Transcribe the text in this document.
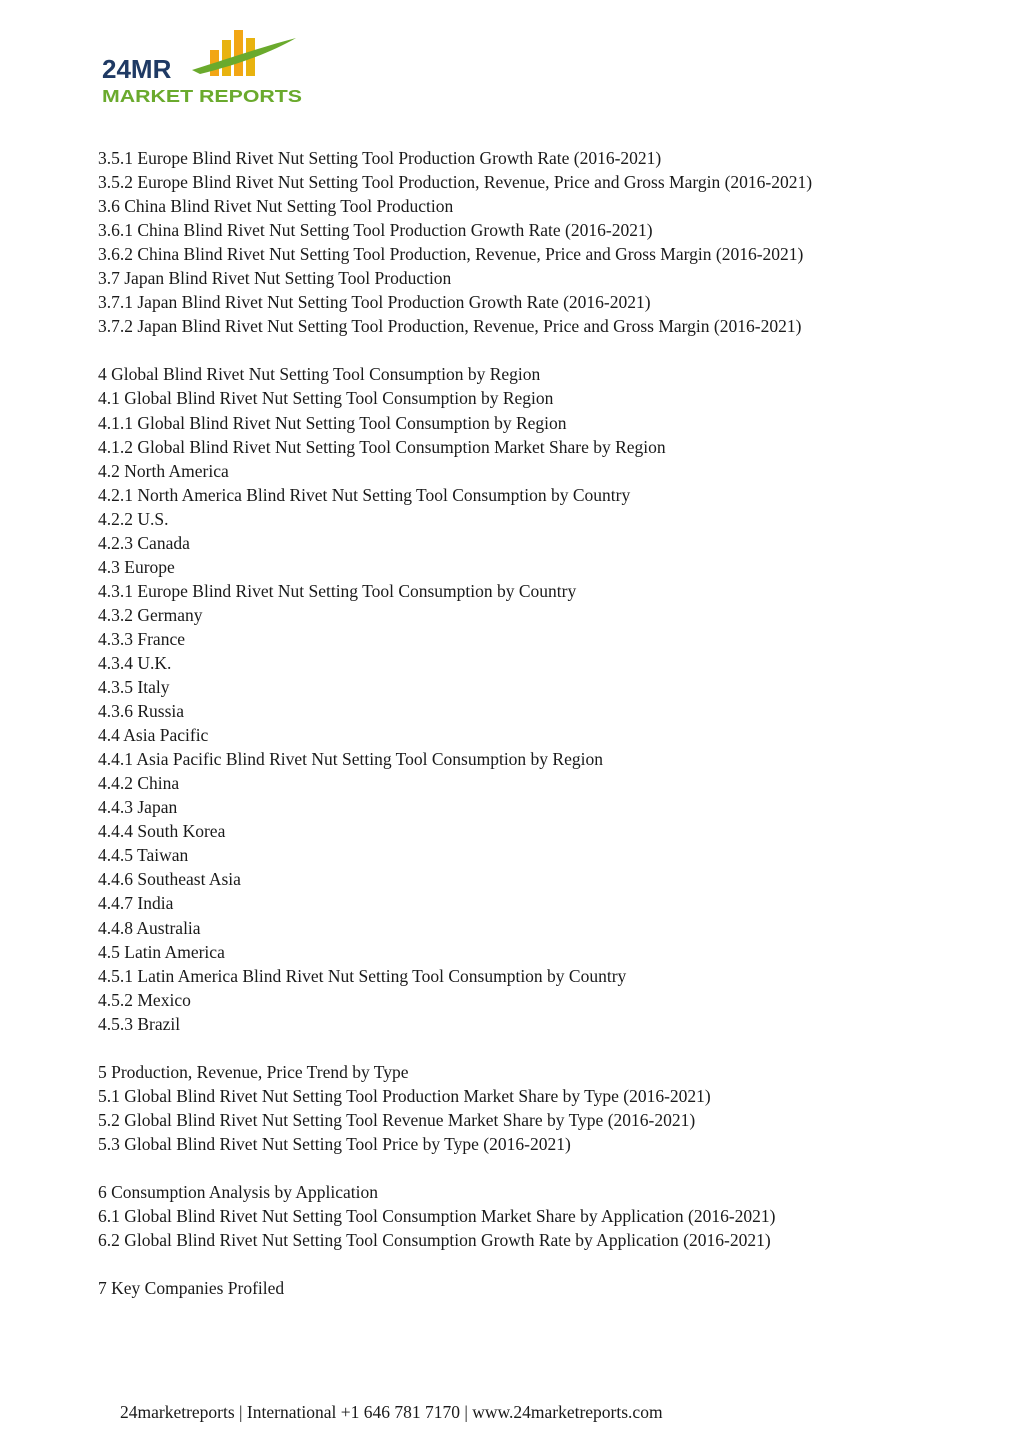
24MR
MARKET REPORTS
3.5.1 Europe Blind Rivet Nut Setting Tool Production Growth Rate (2016-2021)
3.5.2 Europe Blind Rivet Nut Setting Tool Production, Revenue, Price and Gross Margin (2016-2021)
3.6 China Blind Rivet Nut Setting Tool Production
3.6.1 China Blind Rivet Nut Setting Tool Production Growth Rate (2016-2021)
3.6.2 China Blind Rivet Nut Setting Tool Production, Revenue, Price and Gross Margin (2016-2021)
3.7 Japan Blind Rivet Nut Setting Tool Production
3.7.1 Japan Blind Rivet Nut Setting Tool Production Growth Rate (2016-2021)
3.7.2 Japan Blind Rivet Nut Setting Tool Production, Revenue, Price and Gross Margin (2016-2021)
4 Global Blind Rivet Nut Setting Tool Consumption by Region
4.1 Global Blind Rivet Nut Setting Tool Consumption by Region
4.1.1 Global Blind Rivet Nut Setting Tool Consumption by Region
4.1.2 Global Blind Rivet Nut Setting Tool Consumption Market Share by Region
4.2 North America
4.2.1 North America Blind Rivet Nut Setting Tool Consumption by Country
4.2.2 U.S.
4.2.3 Canada
4.3 Europe
4.3.1 Europe Blind Rivet Nut Setting Tool Consumption by Country
4.3.2 Germany
4.3.3 France
4.3.4 U.K.
4.3.5 Italy
4.3.6 Russia
4.4 Asia Pacific
4.4.1 Asia Pacific Blind Rivet Nut Setting Tool Consumption by Region
4.4.2 China
4.4.3 Japan
4.4.4 South Korea
4.4.5 Taiwan
4.4.6 Southeast Asia
4.4.7 India
4.4.8 Australia
4.5 Latin America
4.5.1 Latin America Blind Rivet Nut Setting Tool Consumption by Country
4.5.2 Mexico
4.5.3 Brazil
5 Production, Revenue, Price Trend by Type
5.1 Global Blind Rivet Nut Setting Tool Production Market Share by Type (2016-2021)
5.2 Global Blind Rivet Nut Setting Tool Revenue Market Share by Type (2016-2021)
5.3 Global Blind Rivet Nut Setting Tool Price by Type (2016-2021)
6 Consumption Analysis by Application
6.1 Global Blind Rivet Nut Setting Tool Consumption Market Share by Application (2016-2021)
6.2 Global Blind Rivet Nut Setting Tool Consumption Growth Rate by Application (2016-2021)
7 Key Companies Profiled
24marketreports | International +1 646 781 7170 | www.24marketreports.com
